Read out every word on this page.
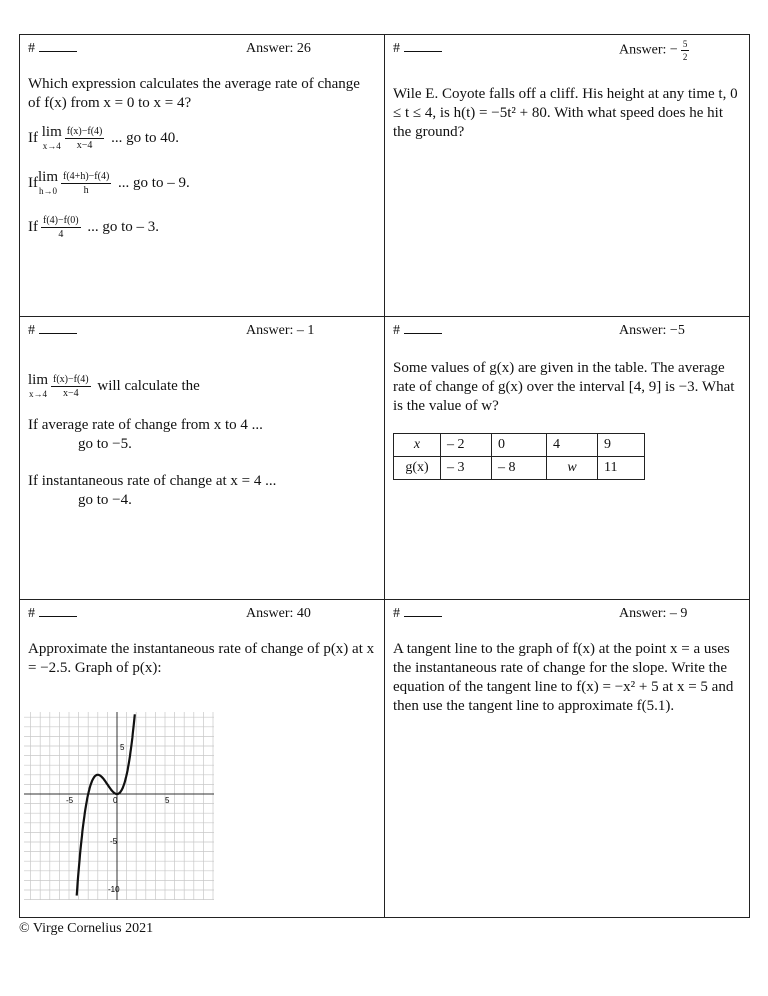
#	Answer: 26

Which expression calculates the average rate of change of f(x) from x = 0 to x = 4?

If lim
$x\to 4 \frac{f(x)-f(4)}{x-4}$ ... go to 40.
Iflim
$h\to 0 \frac{f(4+h)-f(4)}{h}$ ... go to – 9.
If $\frac{f(4)-f(0)}{4}$ ... go to – 3.
#	Answer: − $\frac{5}{2}$

Wile E. Coyote falls off a cliff. His height at any time t, 0 ≤ t ≤ 4, is h(t) = −5t² + 80. With what speed does he hit the ground?

#	Answer: – 1
lim
$x\to 4 \frac{f(x)-f(4)}{x-4}$ will calculate the

If average rate of change from x to 4 ...

go to −5.

If instantaneous rate of change at x = 4 ...

go to −4.

#	Answer: −5

Some values of g(x) are given in the table. The average rate of change of g(x) over the interval [4, 9] is −3. What is the value of w?

x	– 2	0	4	9
g(x)	– 3	– 8	w	11
#	Answer: 40

Approximate the instantaneous rate of change of p(x) at x = −2.5. Graph of p(x):

#	Answer: – 9

A tangent line to the graph of f(x) at the point x = a uses the instantaneous rate of change for the slope. Write the equation of the tangent line to f(x) = −x² + 5 at x = 5 and then use the tangent line to approximate f(5.1).

5
-5
-10
-5	0	5
© Virge Cornelius 2021
